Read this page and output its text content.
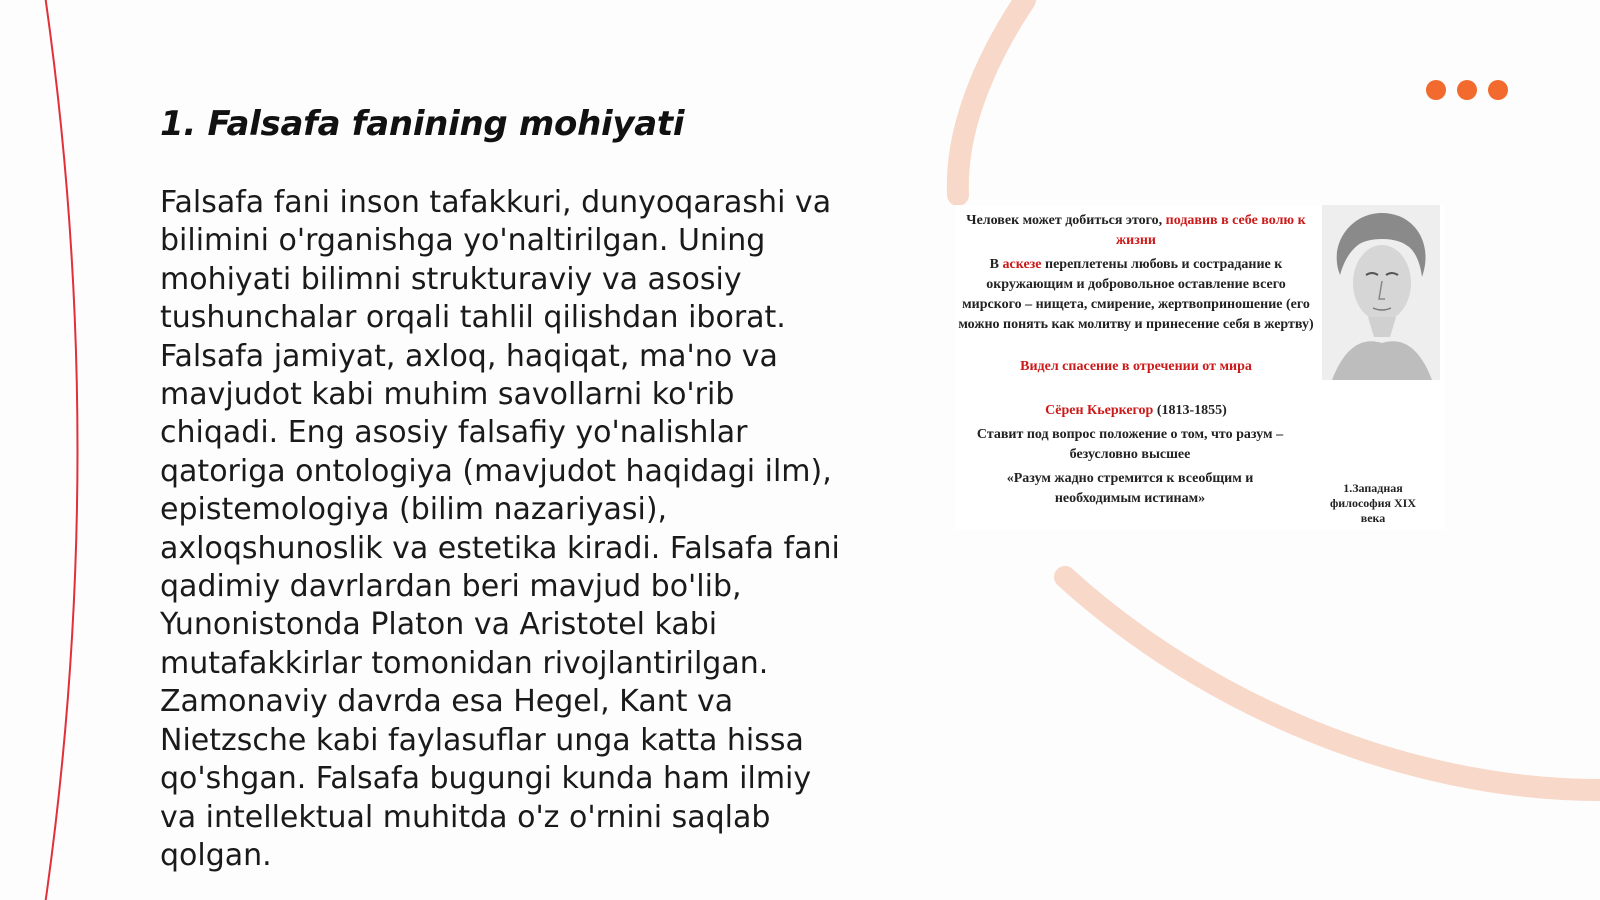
1. Falsafa fanining mohiyati

Falsafa fani inson tafakkuri, dunyoqarashi va bilimini o'rganishga yo'naltirilgan. Uning mohiyati bilimni strukturaviy va asosiy tushunchalar orqali tahlil qilishdan iborat. Falsafa jamiyat, axloq, haqiqat, ma'no va mavjudot kabi muhim savollarni ko'rib chiqadi. Eng asosiy falsafiy yo'nalishlar qatoriga ontologiya (mavjudot haqidagi ilm), epistemologiya (bilim nazariyasi), axloqshunoslik va estetika kiradi. Falsafa fani qadimiy davrlardan beri mavjud bo'lib, Yunonistonda Platon va Aristotel kabi mutafakkirlar tomonidan rivojlantirilgan. Zamonaviy davrda esa Hegel, Kant va Nietzsche kabi faylasuflar unga katta hissa qo'shgan. Falsafa bugungi kunda ham ilmiy va intellektual muhitda o'z o'rnini saqlab qolgan.

Человек может добиться этого, подавив в себе волю к жизни
В аскезе переплетены любовь и сострадание к окружающим и добровольное оставление всего мирского – нищета, смирение, жертвоприношение (его можно понять как молитву и принесение себя в жертву)
Видел спасение в отречении от мира
Сёрен Кьеркегор (1813-1855)
Ставит под вопрос положение о том, что разум – безусловно высшее
«Разум жадно стремится к всеобщим и необходимым истинам»
1.Западная философия XIX века
